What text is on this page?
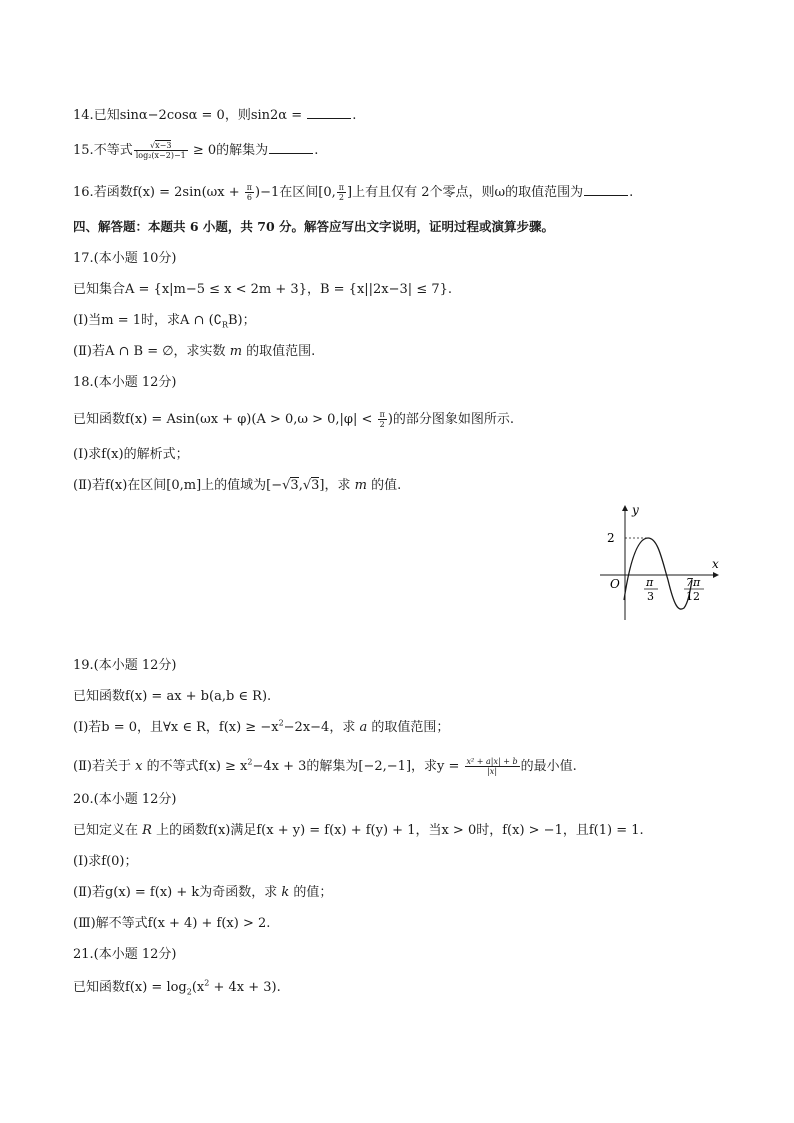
14.已知sinα−2cosα = 0，则sin2α =	.
15.不等式 $\frac{√x-3}{\text{log₂(x−2)−1}} \ge 0$的解集为	.
16.若函数$f(x) = 2\sin(\omega x + \frac{\pi}{6} )-1$在区间[0, $\frac{\pi}{2}$ ]上有且仅有 2个零点，则ω的取值范围为	.
四、解答题：本题共 6 小题，共 70 分。解答应写出文字说明，证明过程或演算步骤。
17.(本小题 10分)
已知集合A = {x|m−5 ≤ x < 2m + 3}，B = {x||2x−3| ≤ 7}.
(Ⅰ)当m = 1时，求A ∩ $(∁_RB)$；
(Ⅱ)若A ∩ B = ∅，求实数 m 的取值范围.
18.(本小题 12分)
已知函数$f(x) = Asin(\omega x + \varphi)(A > 0,\omega > 0,|\varphi| < \frac{\pi}{2}$ )的部分图象如图所示.
(Ⅰ)求f(x)的解析式；
(Ⅱ)若f(x)在区间[0,m]上的值域为[−√3,√3]，求 m 的值.
y
x
O
2
π
3
7π
12
19.(本小题 12分)
已知函数f(x) = ax + b(a,b ∈ R).
(Ⅰ)若b = 0，且∀x ∈ R，$f(x) \ge -x^2-2x-4$，求 a 的取值范围；
(Ⅱ)若关于 x 的不等式$f(x) \ge x^2-4x + 3$的解集为[−2,−1]，求$y = \frac{\text{x² + a|x| + b}}{|x|}$ 的最小值.
20.(本小题 12分)
已知定义在 R 上的函数f(x)满足f(x + y) = f(x) + f(y) + 1，当x > 0时，f(x) > −1，且f(1) = 1.
(Ⅰ)求f(0)；
(Ⅱ)若g(x) = f(x) + k为奇函数，求 k 的值；
(Ⅲ)解不等式f(x + 4) + f(x) > 2.
21.(本小题 12分)
已知函数$f(x) = \log_2(x^2 + 4x + 3)$.
